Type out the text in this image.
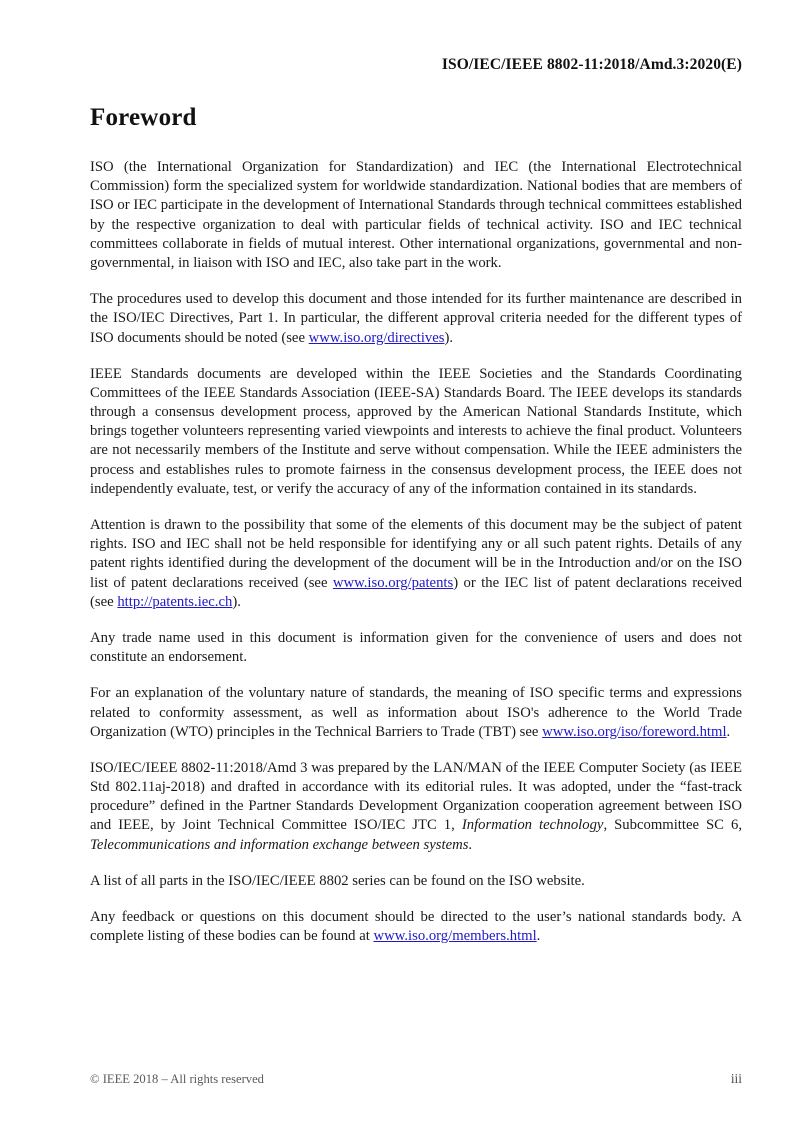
ISO/IEC/IEEE 8802-11:2018/Amd.3:2020(E)
Foreword

ISO (the International Organization for Standardization) and IEC (the International Electrotechnical Commission) form the specialized system for worldwide standardization. National bodies that are members of ISO or IEC participate in the development of International Standards through technical committees established by the respective organization to deal with particular fields of technical activity. ISO and IEC technical committees collaborate in fields of mutual interest. Other international organizations, governmental and non-governmental, in liaison with ISO and IEC, also take part in the work.

The procedures used to develop this document and those intended for its further maintenance are described in the ISO/IEC Directives, Part 1. In particular, the different approval criteria needed for the different types of ISO documents should be noted (see www.iso.org/directives).

IEEE Standards documents are developed within the IEEE Societies and the Standards Coordinating Committees of the IEEE Standards Association (IEEE-SA) Standards Board. The IEEE develops its standards through a consensus development process, approved by the American National Standards Institute, which brings together volunteers representing varied viewpoints and interests to achieve the final product. Volunteers are not necessarily members of the Institute and serve without compensation. While the IEEE administers the process and establishes rules to promote fairness in the consensus development process, the IEEE does not independently evaluate, test, or verify the accuracy of any of the information contained in its standards.

Attention is drawn to the possibility that some of the elements of this document may be the subject of patent rights. ISO and IEC shall not be held responsible for identifying any or all such patent rights. Details of any patent rights identified during the development of the document will be in the Introduction and/or on the ISO list of patent declarations received (see www.iso.org/patents) or the IEC list of patent declarations received (see http://patents.iec.ch).

Any trade name used in this document is information given for the convenience of users and does not constitute an endorsement.

For an explanation of the voluntary nature of standards, the meaning of ISO specific terms and expressions related to conformity assessment, as well as information about ISO's adherence to the World Trade Organization (WTO) principles in the Technical Barriers to Trade (TBT) see www.iso.org/iso/foreword.html.

ISO/IEC/IEEE 8802-11:2018/Amd 3 was prepared by the LAN/MAN of the IEEE Computer Society (as IEEE Std 802.11aj-2018) and drafted in accordance with its editorial rules. It was adopted, under the “fast-track procedure” defined in the Partner Standards Development Organization cooperation agreement between ISO and IEEE, by Joint Technical Committee ISO/IEC JTC 1, Information technology, Subcommittee SC 6, Telecommunications and information exchange between systems.

A list of all parts in the ISO/IEC/IEEE 8802 series can be found on the ISO website.

Any feedback or questions on this document should be directed to the user’s national standards body. A complete listing of these bodies can be found at www.iso.org/members.html.

© IEEE 2018 – All rights reserved	iii
